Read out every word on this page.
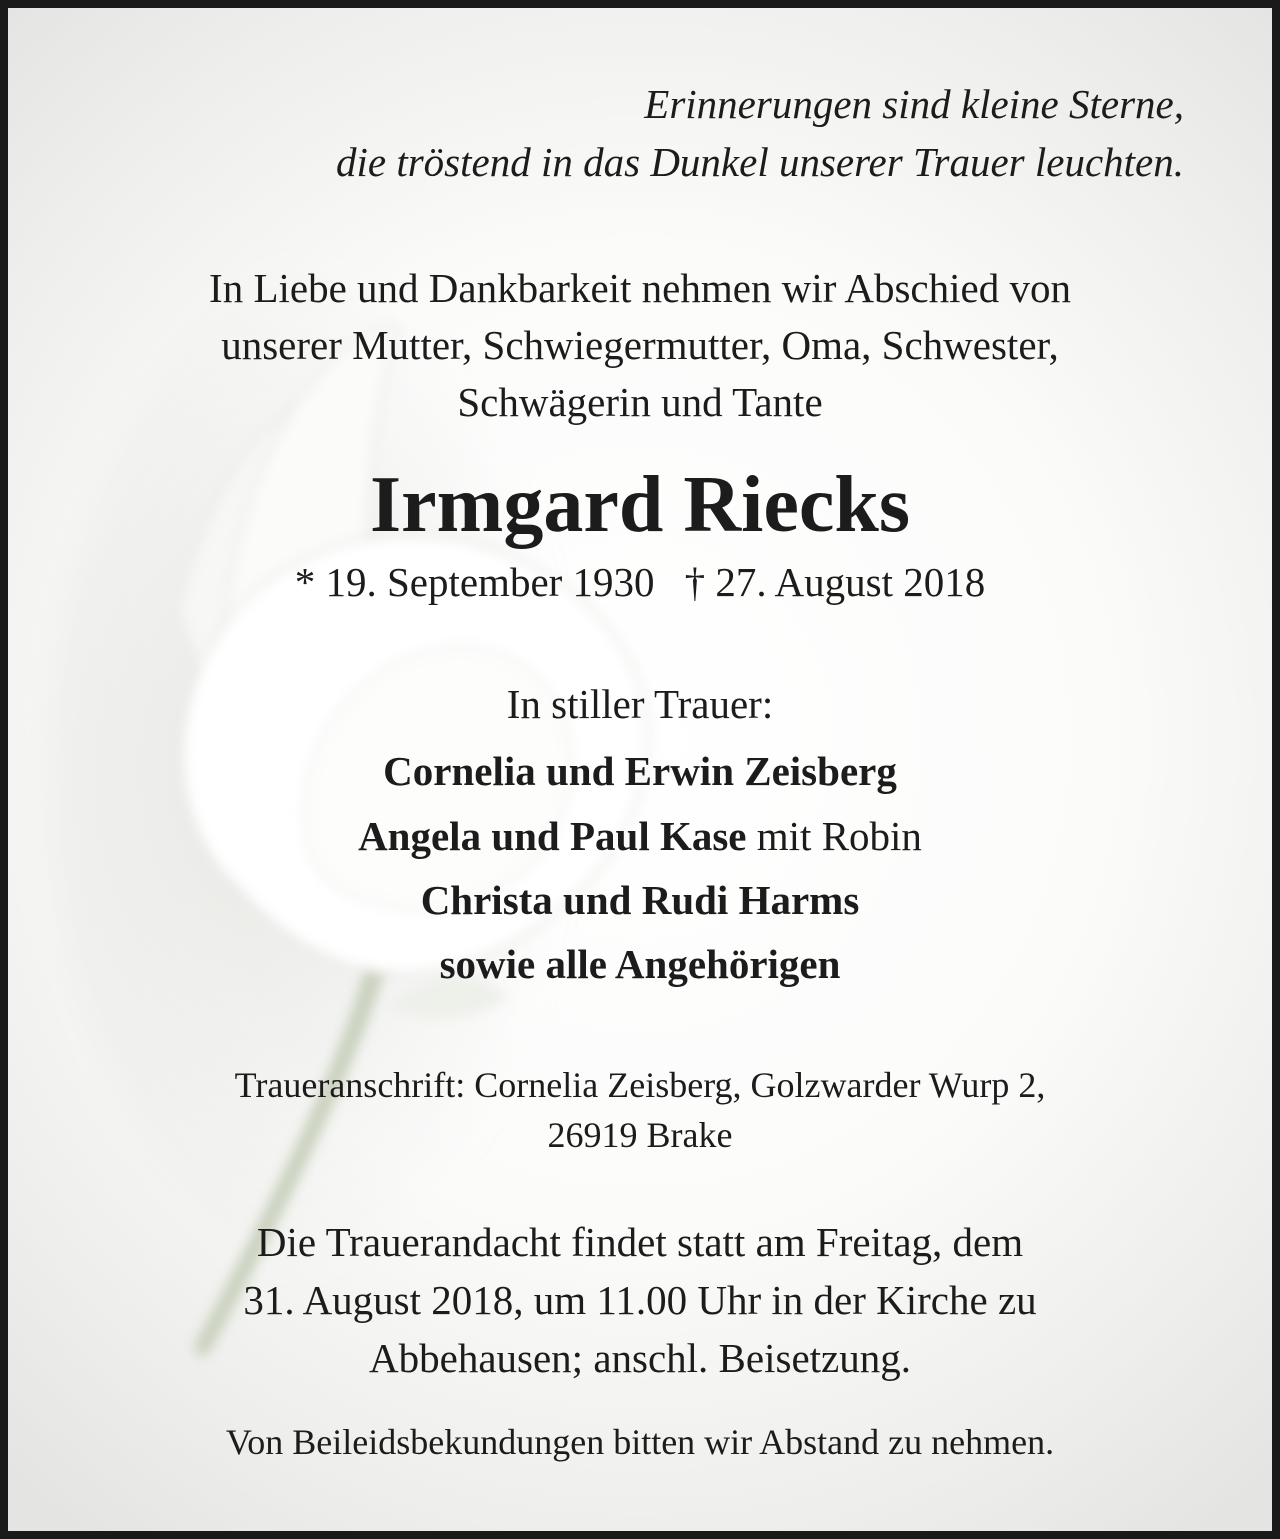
Erinnerungen sind kleine Sterne,
die tröstend in das Dunkel unserer Trauer leuchten.
In Liebe und Dankbarkeit nehmen wir Abschied von
unserer Mutter, Schwiegermutter, Oma, Schwester,
Schwägerin und Tante
Irmgard Riecks
* 19. September 1930 † 27. August 2018
In stiller Trauer:
Cornelia und Erwin Zeisberg
Angela und Paul Kase mit Robin
Christa und Rudi Harms
sowie alle Angehörigen
Traueranschrift: Cornelia Zeisberg, Golzwarder Wurp 2,
26919 Brake
Die Trauerandacht findet statt am Freitag, dem
31. August 2018, um 11.00 Uhr in der Kirche zu
Abbehausen; anschl. Beisetzung.
Von Beileidsbekundungen bitten wir Abstand zu nehmen.
